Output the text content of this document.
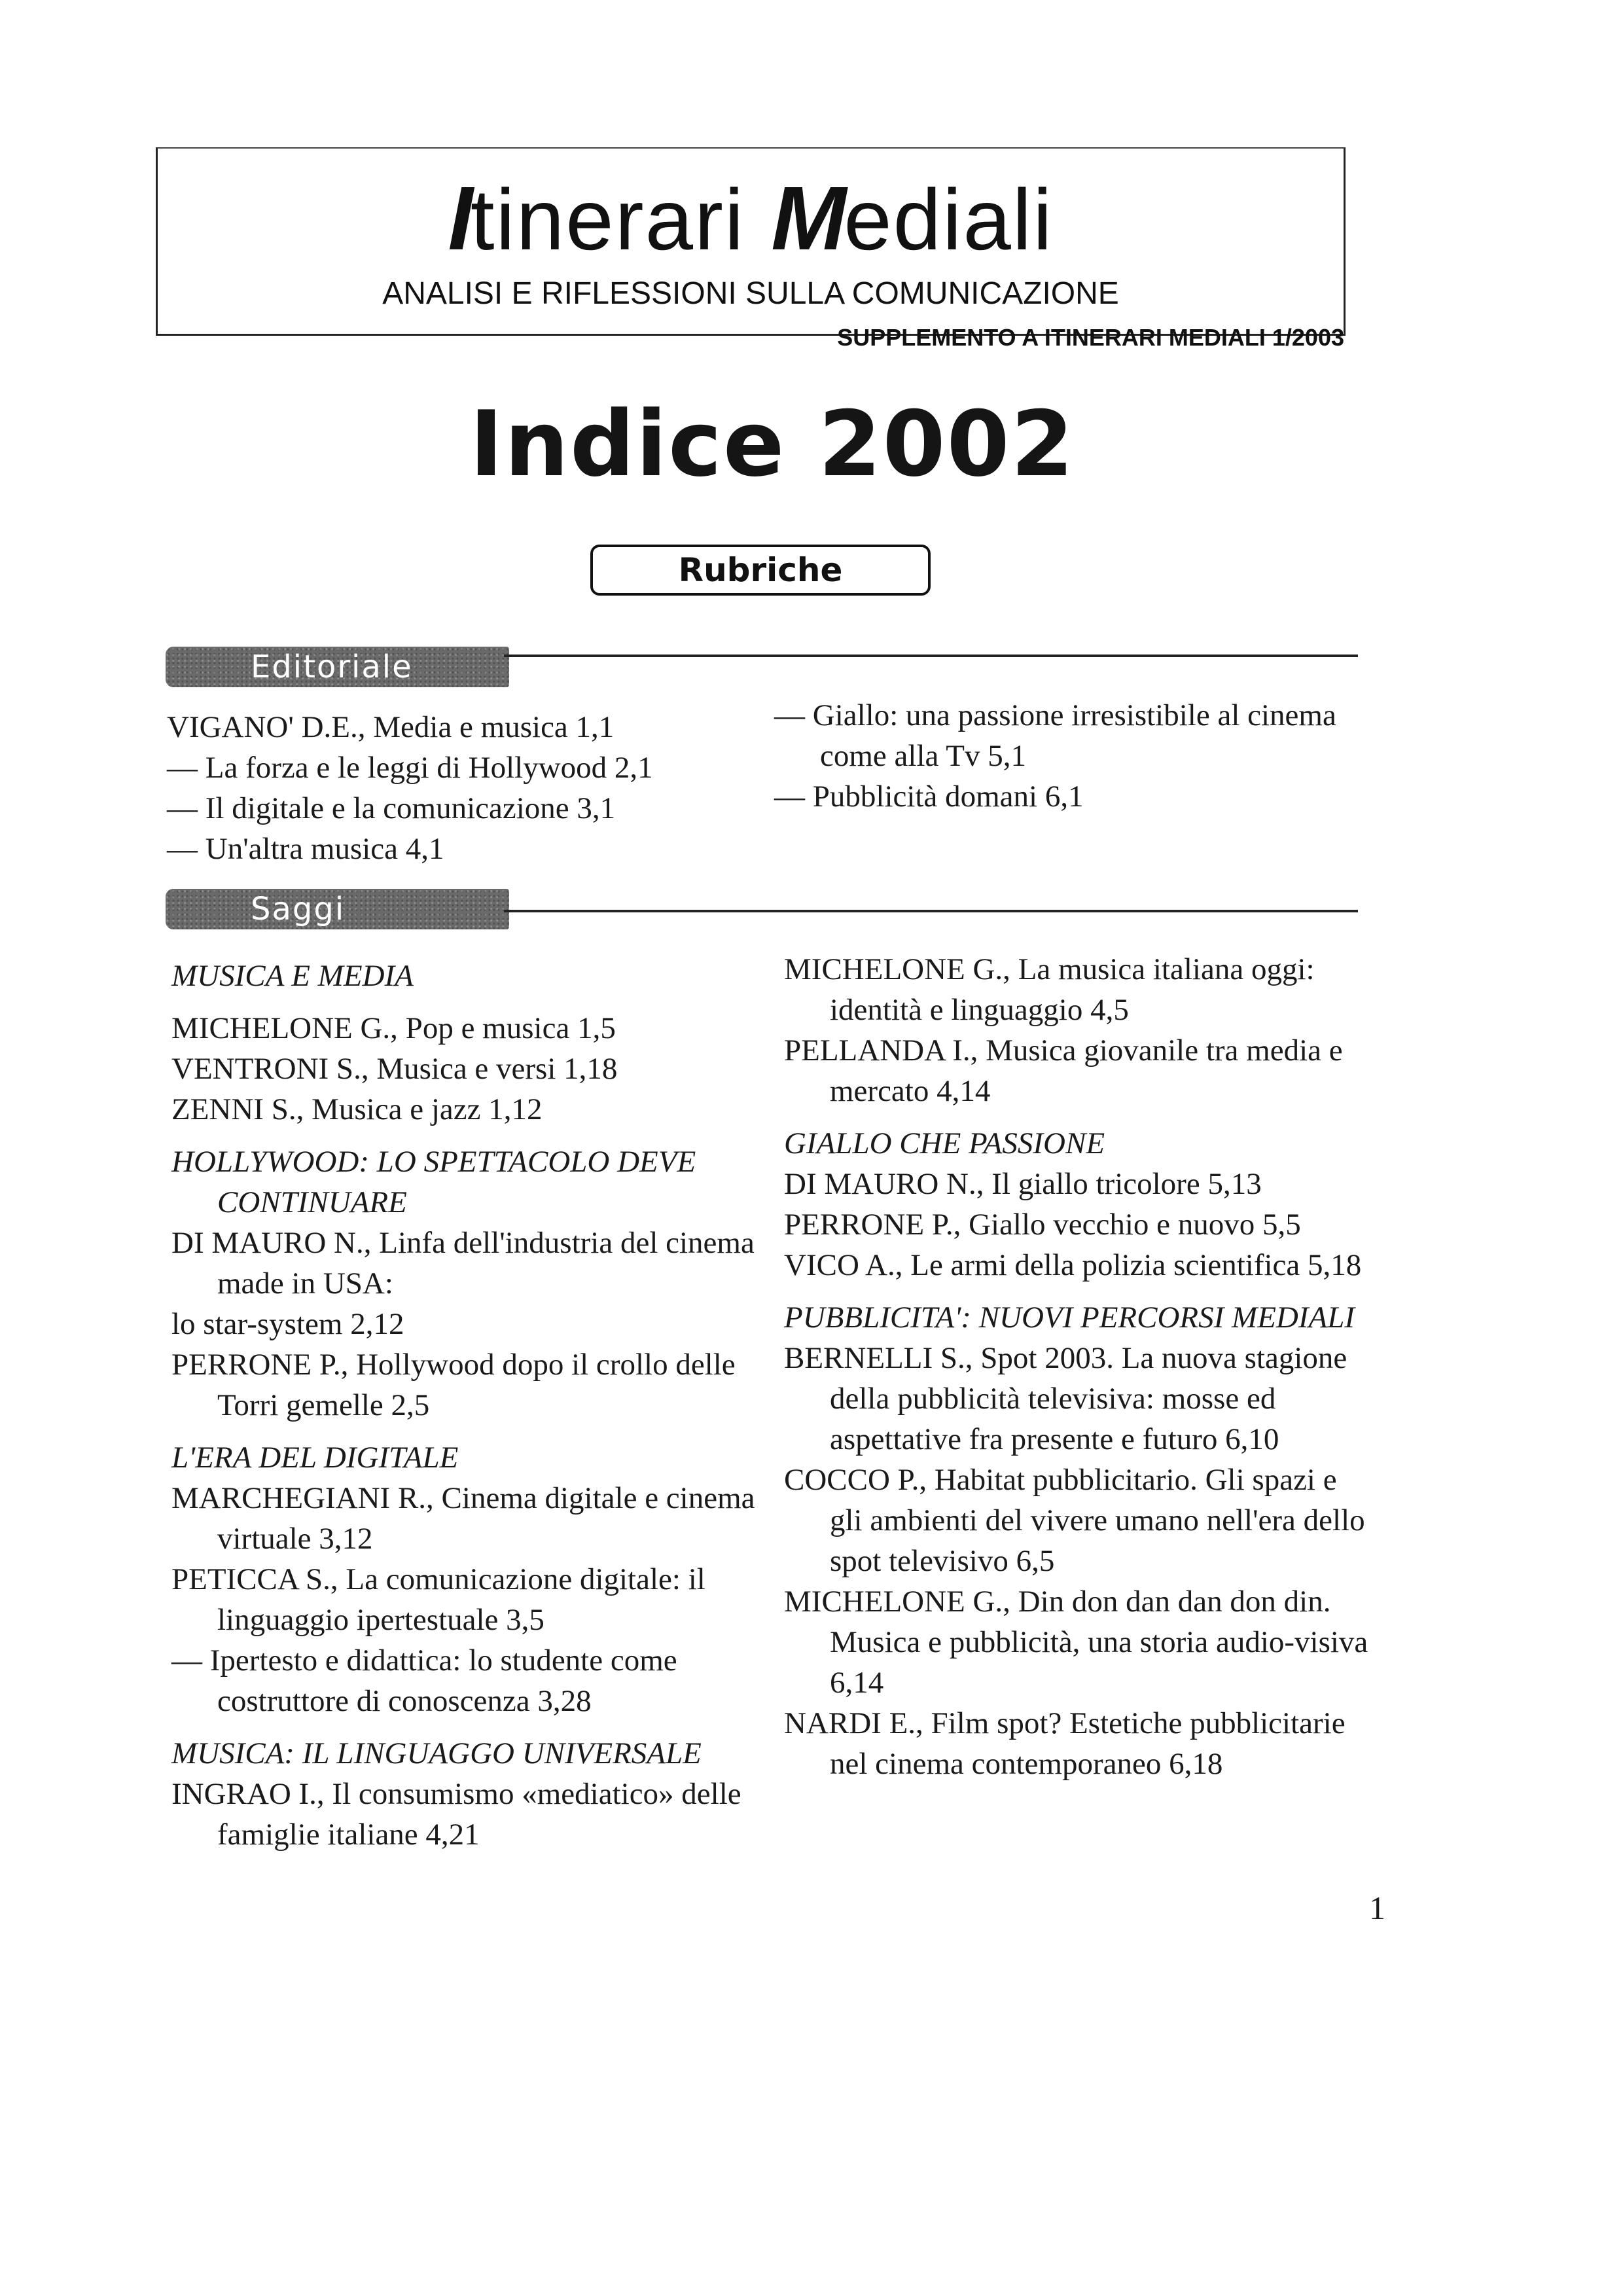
Itinerari Mediali
ANALISI E RIFLESSIONI SULLA COMUNICAZIONE
SUPPLEMENTO A ITINERARI MEDIALI 1/2003
Indice 2002
Rubriche
Editoriale

VIGANO' D.E., Media e musica 1,1

— La forza e le leggi di Hollywood 2,1

— Il digitale e la comunicazione 3,1

— Un'altra musica 4,1

— Giallo: una passione irresistibile al cinema come alla Tv 5,1

— Pubblicità domani 6,1

Saggi

MUSICA E MEDIA

MICHELONE G., Pop e musica 1,5

VENTRONI S., Musica e versi 1,18

ZENNI S., Musica e jazz 1,12

HOLLYWOOD: LO SPETTACOLO DEVE CONTINUARE

DI MAURO N., Linfa dell'industria del cinema made in USA:

lo star-system 2,12

PERRONE P., Hollywood dopo il crollo delle Torri gemelle 2,5

L'ERA DEL DIGITALE

MARCHEGIANI R., Cinema digitale e cinema virtuale 3,12

PETICCA S., La comunicazione digitale: il linguaggio ipertestuale 3,5

— Ipertesto e didattica: lo studente come costruttore di conoscenza 3,28

MUSICA: IL LINGUAGGO UNIVERSALE

INGRAO I., Il consumismo «mediatico» delle famiglie italiane 4,21

MICHELONE G., La musica italiana oggi: identità e linguaggio 4,5

PELLANDA I., Musica giovanile tra media e mercato 4,14

GIALLO CHE PASSIONE

DI MAURO N., Il giallo tricolore 5,13

PERRONE P., Giallo vecchio e nuovo 5,5

VICO A., Le armi della polizia scientifica 5,18

PUBBLICITA': NUOVI PERCORSI MEDIALI

BERNELLI S., Spot 2003. La nuova stagione della pubblicità televisiva: mosse ed aspettative fra presente e futuro 6,10

COCCO P., Habitat pubblicitario. Gli spazi e gli ambienti del vivere umano nell'era dello spot televisivo 6,5

MICHELONE G., Din don dan dan don din. Musica e pubblicità, una storia audio-visiva 6,14

NARDI E., Film spot? Estetiche pubblicitarie nel cinema contemporaneo 6,18

1
